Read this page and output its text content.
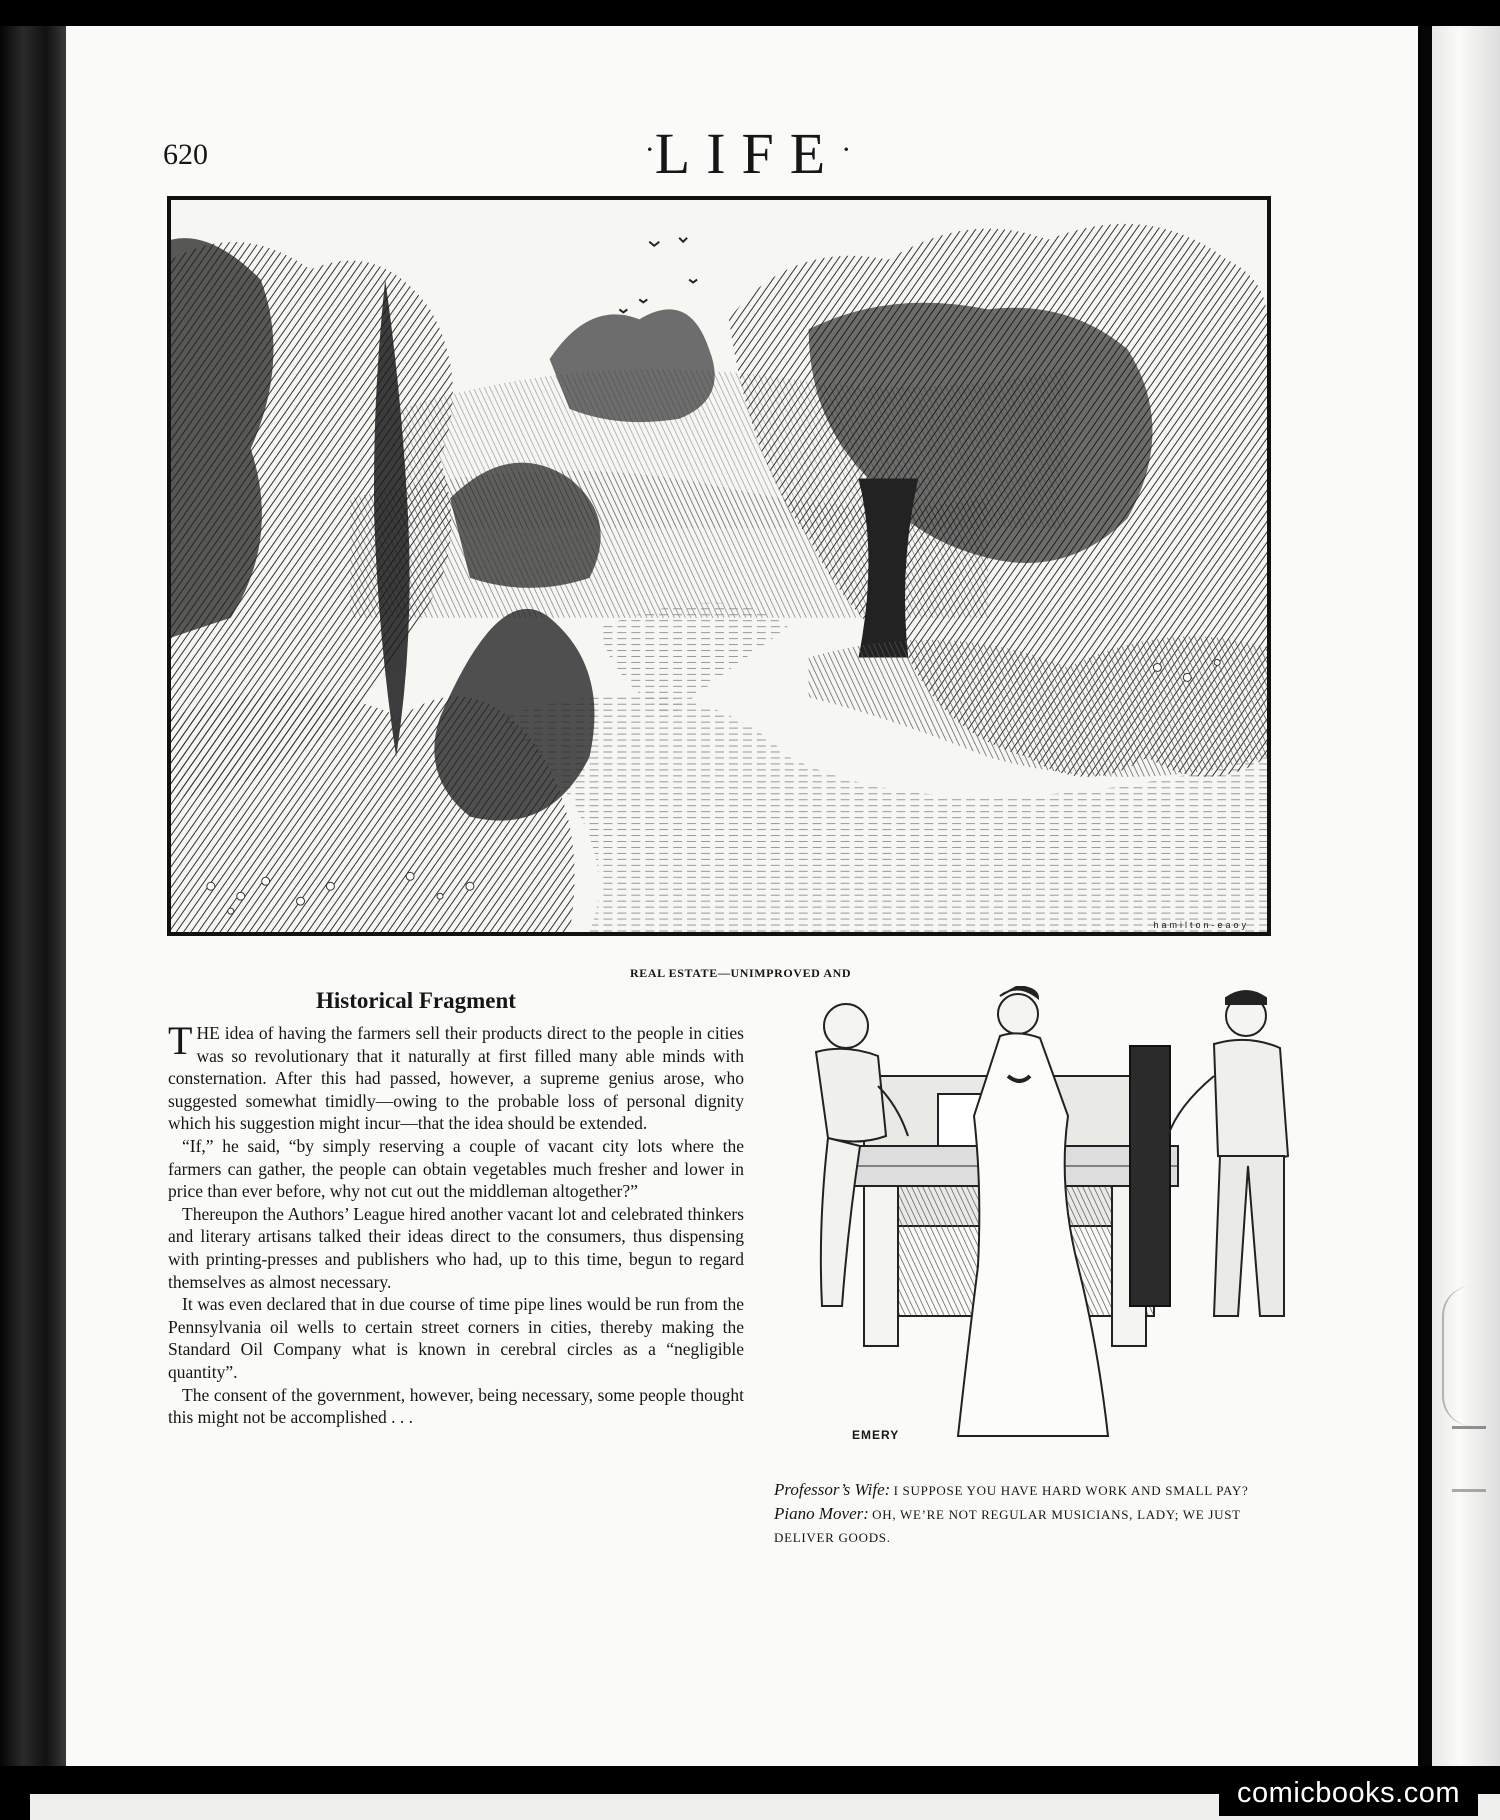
620	·LIFE·
hamilton-eaoy
REAL ESTATE—UNIMPROVED AND
Historical Fragment

THE idea of having the farmers sell their products direct to the people in cities was so revolutionary that it naturally at first filled many able minds with consternation. After this had passed, however, a supreme genius arose, who suggested somewhat timidly—owing to the probable loss of personal dignity which his suggestion might incur—that the idea should be extended.

“If,” he said, “by simply reserving a couple of vacant city lots where the farmers can gather, the people can obtain vegetables much fresher and lower in price than ever before, why not cut out the middleman altogether?”

Thereupon the Authors’ League hired another vacant lot and celebrated thinkers and literary artisans talked their ideas direct to the consumers, thus dispensing with printing-presses and publishers who had, up to this time, begun to regard themselves as almost necessary.

It was even declared that in due course of time pipe lines would be run from the Pennsylvania oil wells to certain street corners in cities, thereby making the Standard Oil Company what is known in cerebral circles as a “negligible quantity”.

The consent of the government, however, being necessary, some people thought this might not be accomplished . . .

EMERY

Professor’s Wife: I SUPPOSE YOU HAVE HARD WORK AND SMALL PAY?

Piano Mover: OH, WE’RE NOT REGULAR MUSICIANS, LADY; WE JUST DELIVER GOODS.

comicbooks.com
